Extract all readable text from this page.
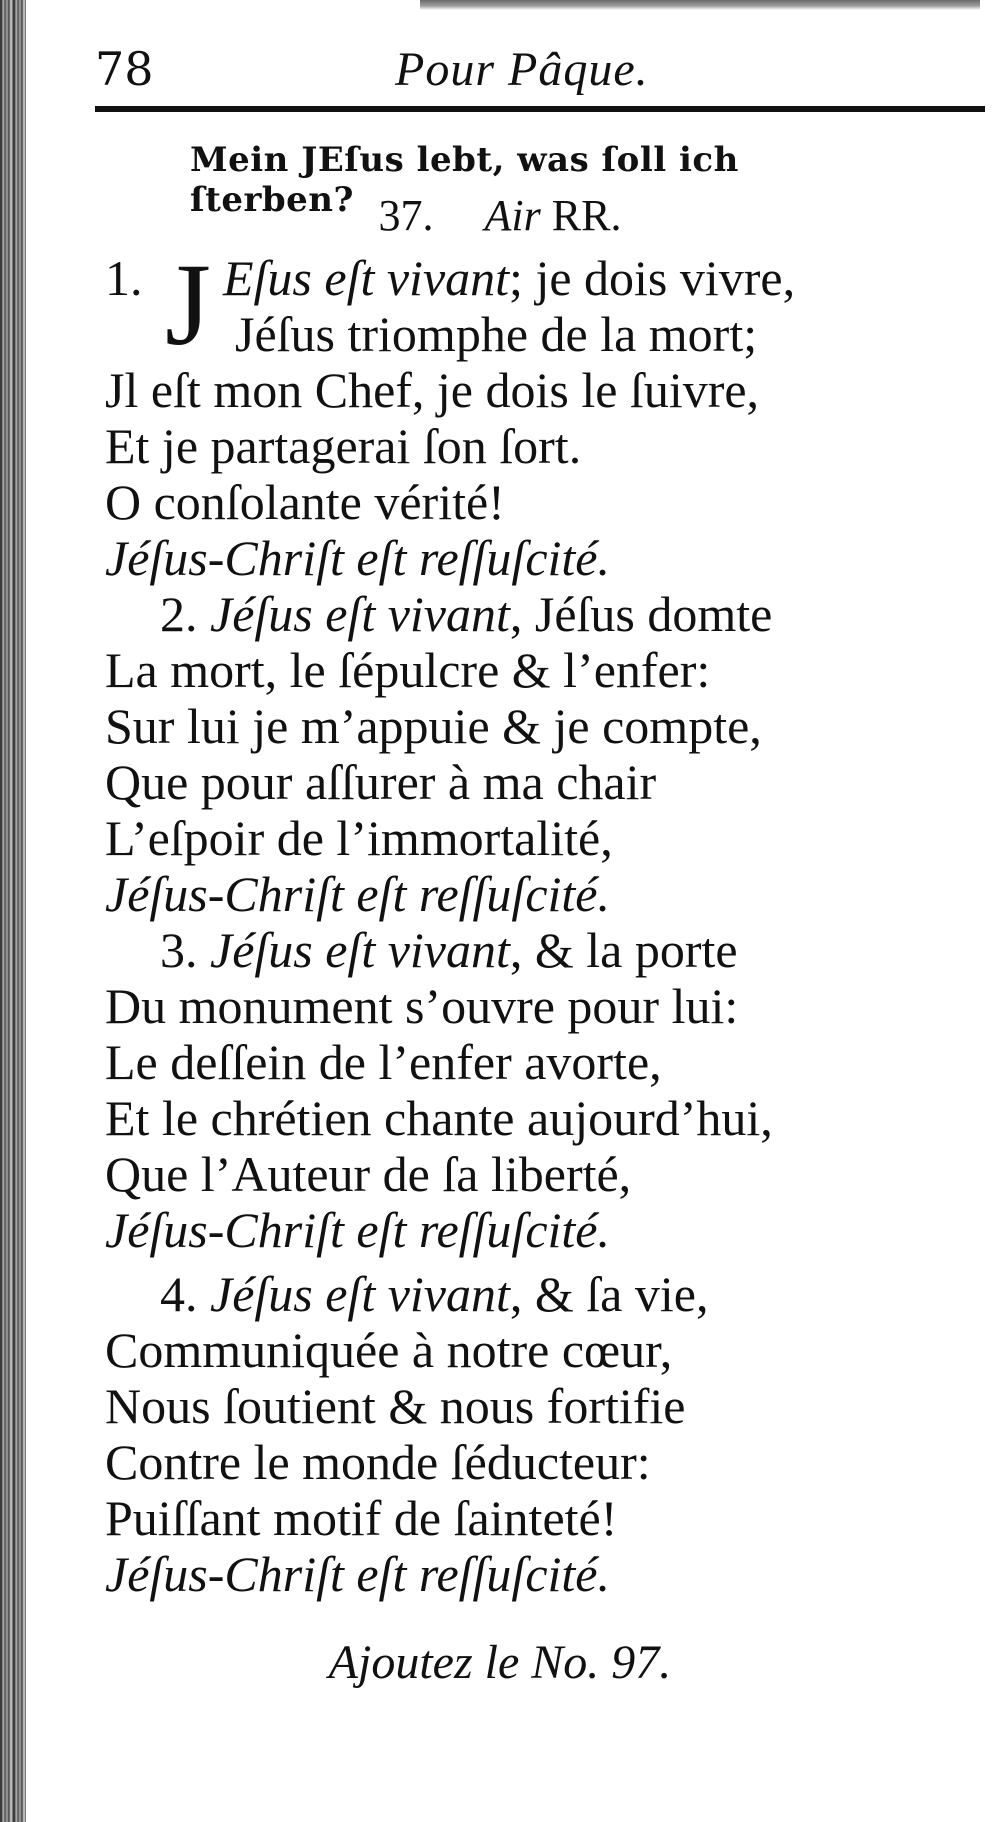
78	Pour Pâque.
Mein JEſus lebt, was ſoll ich ſterben? 37. Air RR.
J
1. Eſus eſt vivant; je dois vivre,
Jéſus triomphe de la mort;
Jl eſt mon Chef, je dois le ſuivre,
Et je partagerai ſon ſort.
O conſolante vérité!
Jéſus-Chriſt eſt reſſuſcité.
2. Jéſus eſt vivant, Jéſus domte
La mort, le ſépulcre & l’enfer:
Sur lui je m’appuie & je compte,
Que pour aſſurer à ma chair
L’eſpoir de l’immortalité,
Jéſus-Chriſt eſt reſſuſcité.
3. Jéſus eſt vivant, & la porte
Du monument s’ouvre pour lui:
Le deſſein de l’enfer avorte,
Et le chrétien chante aujourd’hui,
Que l’Auteur de ſa liberté,
Jéſus-Chriſt eſt reſſuſcité.
4. Jéſus eſt vivant, & ſa vie,
Communiquée à notre cœur,
Nous ſoutient & nous fortifie
Contre le monde ſéducteur:
Puiſſant motif de ſainteté!
Jéſus-Chriſt eſt reſſuſcité.
Ajoutez le No. 97.
